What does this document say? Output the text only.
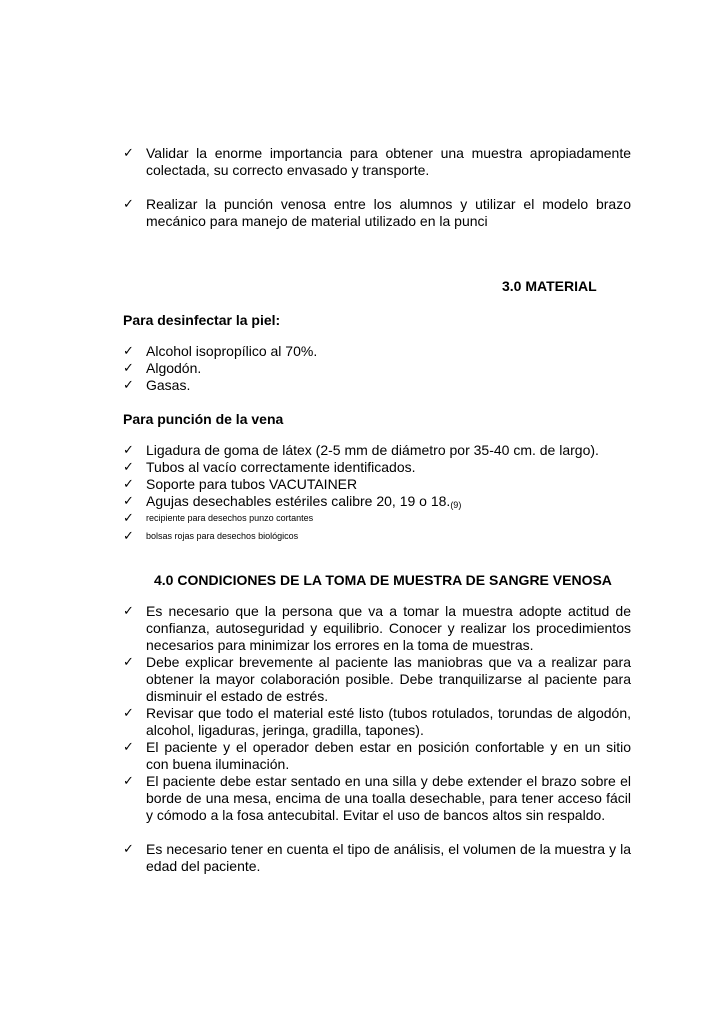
✓ Validar la enorme importancia para obtener una muestra apropiadamente colectada, su correcto envasado y transporte.
✓ Realizar la punción venosa entre los alumnos y utilizar el modelo brazo mecánico para manejo de material utilizado en la punci
3.0 MATERIAL
Para desinfectar la piel:
✓ Alcohol isopropílico al 70%.
✓ Algodón.
✓ Gasas.
Para punción de la vena
✓ Ligadura de goma de látex (2-5 mm de diámetro por 35-40 cm. de largo).
✓ Tubos al vacío correctamente identificados.
✓ Soporte para tubos VACUTAINER
✓ Agujas desechables estériles calibre 20, 19 o $18._{(9)}$
✓	recipiente para desechos punzo cortantes
✓	bolsas rojas para desechos biológicos
4.0 CONDICIONES DE LA TOMA DE MUESTRA DE SANGRE VENOSA
✓ Es necesario que la persona que va a tomar la muestra adopte actitud de confianza, autoseguridad y equilibrio. Conocer y realizar los procedimientos necesarios para minimizar los errores en la toma de muestras.
✓ Debe explicar brevemente al paciente las maniobras que va a realizar para obtener la mayor colaboración posible. Debe tranquilizarse al paciente para disminuir el estado de estrés.
✓ Revisar que todo el material esté listo (tubos rotulados, torundas de algodón, alcohol, ligaduras, jeringa, gradilla, tapones).
✓ El paciente y el operador deben estar en posición confortable y en un sitio con buena iluminación.
✓ El paciente debe estar sentado en una silla y debe extender el brazo sobre el borde de una mesa, encima de una toalla desechable, para tener acceso fácil y cómodo a la fosa antecubital. Evitar el uso de bancos altos sin respaldo.
✓ Es necesario tener en cuenta el tipo de análisis, el volumen de la muestra y la edad del paciente.
